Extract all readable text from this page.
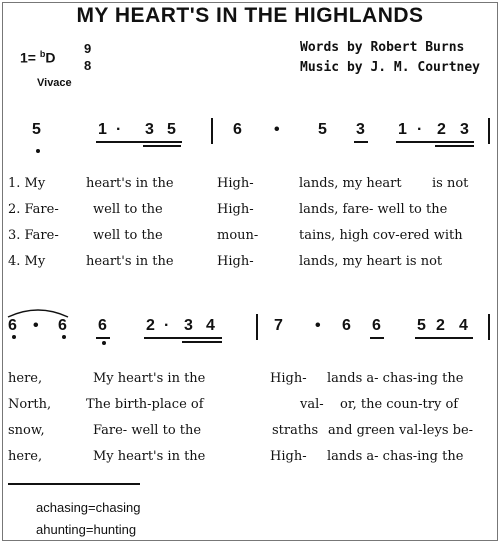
MY HEART'S IN THE HIGHLANDS
1= $^b$D
9
8
Vivace
Words by Robert Burns
Music by J. M. Courtney
5	1 · 3 5	6 • 5 3 1 · 2 3
1. My	heart's in the	High-	lands, my heart is not
2. Fare-	well to the	High-	lands, fare- well to the
3. Fare-	well to the	moun-	tains, high cov-ered with
4. My	heart's in the	High-	lands, my heart is not
6 • 6 6 2 · 3 4	7 • 6 6 5 2 4
here,	My heart's in the	High- lands a- chas-ing the
North,	The birth-place of	val- or, the coun-try of
snow,	Fare- well to the	straths and green val-leys be-
here,	My heart's in the	High- lands a- chas-ing the
achasing=chasing
ahunting=hunting
